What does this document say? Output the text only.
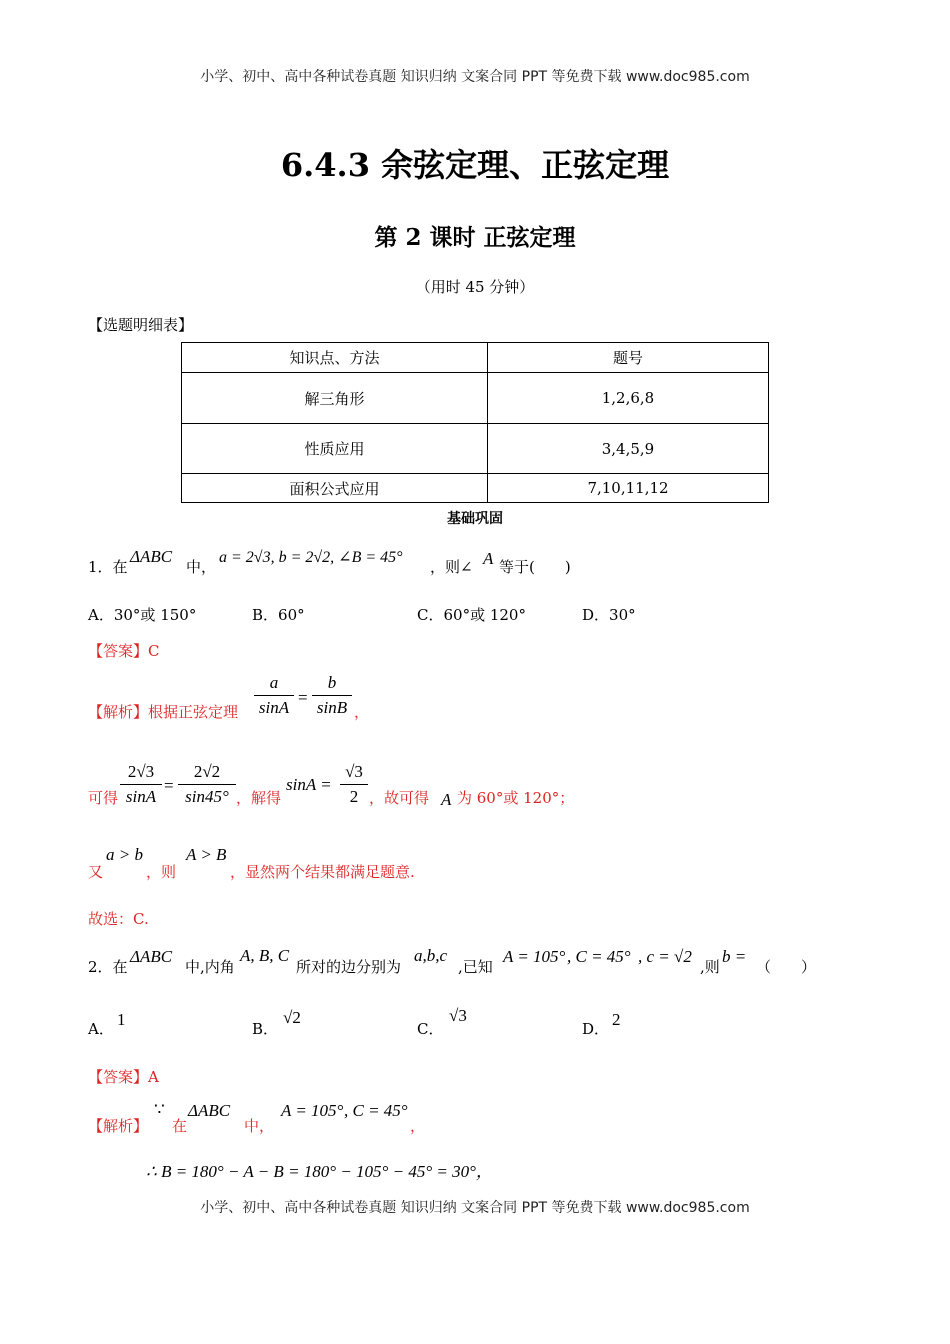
小学、初中、高中各种试卷真题 知识归纳 文案合同 PPT 等免费下载 www.doc985.com
小学、初中、高中各种试卷真题 知识归纳 文案合同 PPT 等免费下载 www.doc985.com
6.4.3 余弦定理、正弦定理
第 2 课时 正弦定理
（用时 45 分钟）
【选题明细表】
知识点、方法	题号
解三角形	1,2,6,8
性质应用	3,4,5,9
面积公式应用	7,10,11,12
基础巩固
1．在
ΔABC
中，
a = 2√3, b = 2√2, ∠B = 45°
，则∠ A 等于(　　)
A．30°或 150°	B．60°	C．60°或 120°	D．30°
【答案】C
【解析】根据正弦定理
a
sinA
=
b
sinB ，
可得
2√3
sinA
=
2√2
sin45° ，解得
sinA =
√3
2 ，故可得 A 为 60°或 120°；
又
a > b
，则
A > B
，显然两个结果都满足题意.
故选：C.
2．在
ΔABC
中,内角
A, B, C
所对的边分别为
a,b,c
,已知
A = 105° , C = 45° , c = √2
,则
b =
（　　）
A． 1	B．
√2
C．
√3
D． 2
【答案】A
【解析】
∵
在
ΔABC
中，
A = 105° , C = 45°
，
∴ B = 180° − A − B = 180° − 105° − 45° = 30°，
